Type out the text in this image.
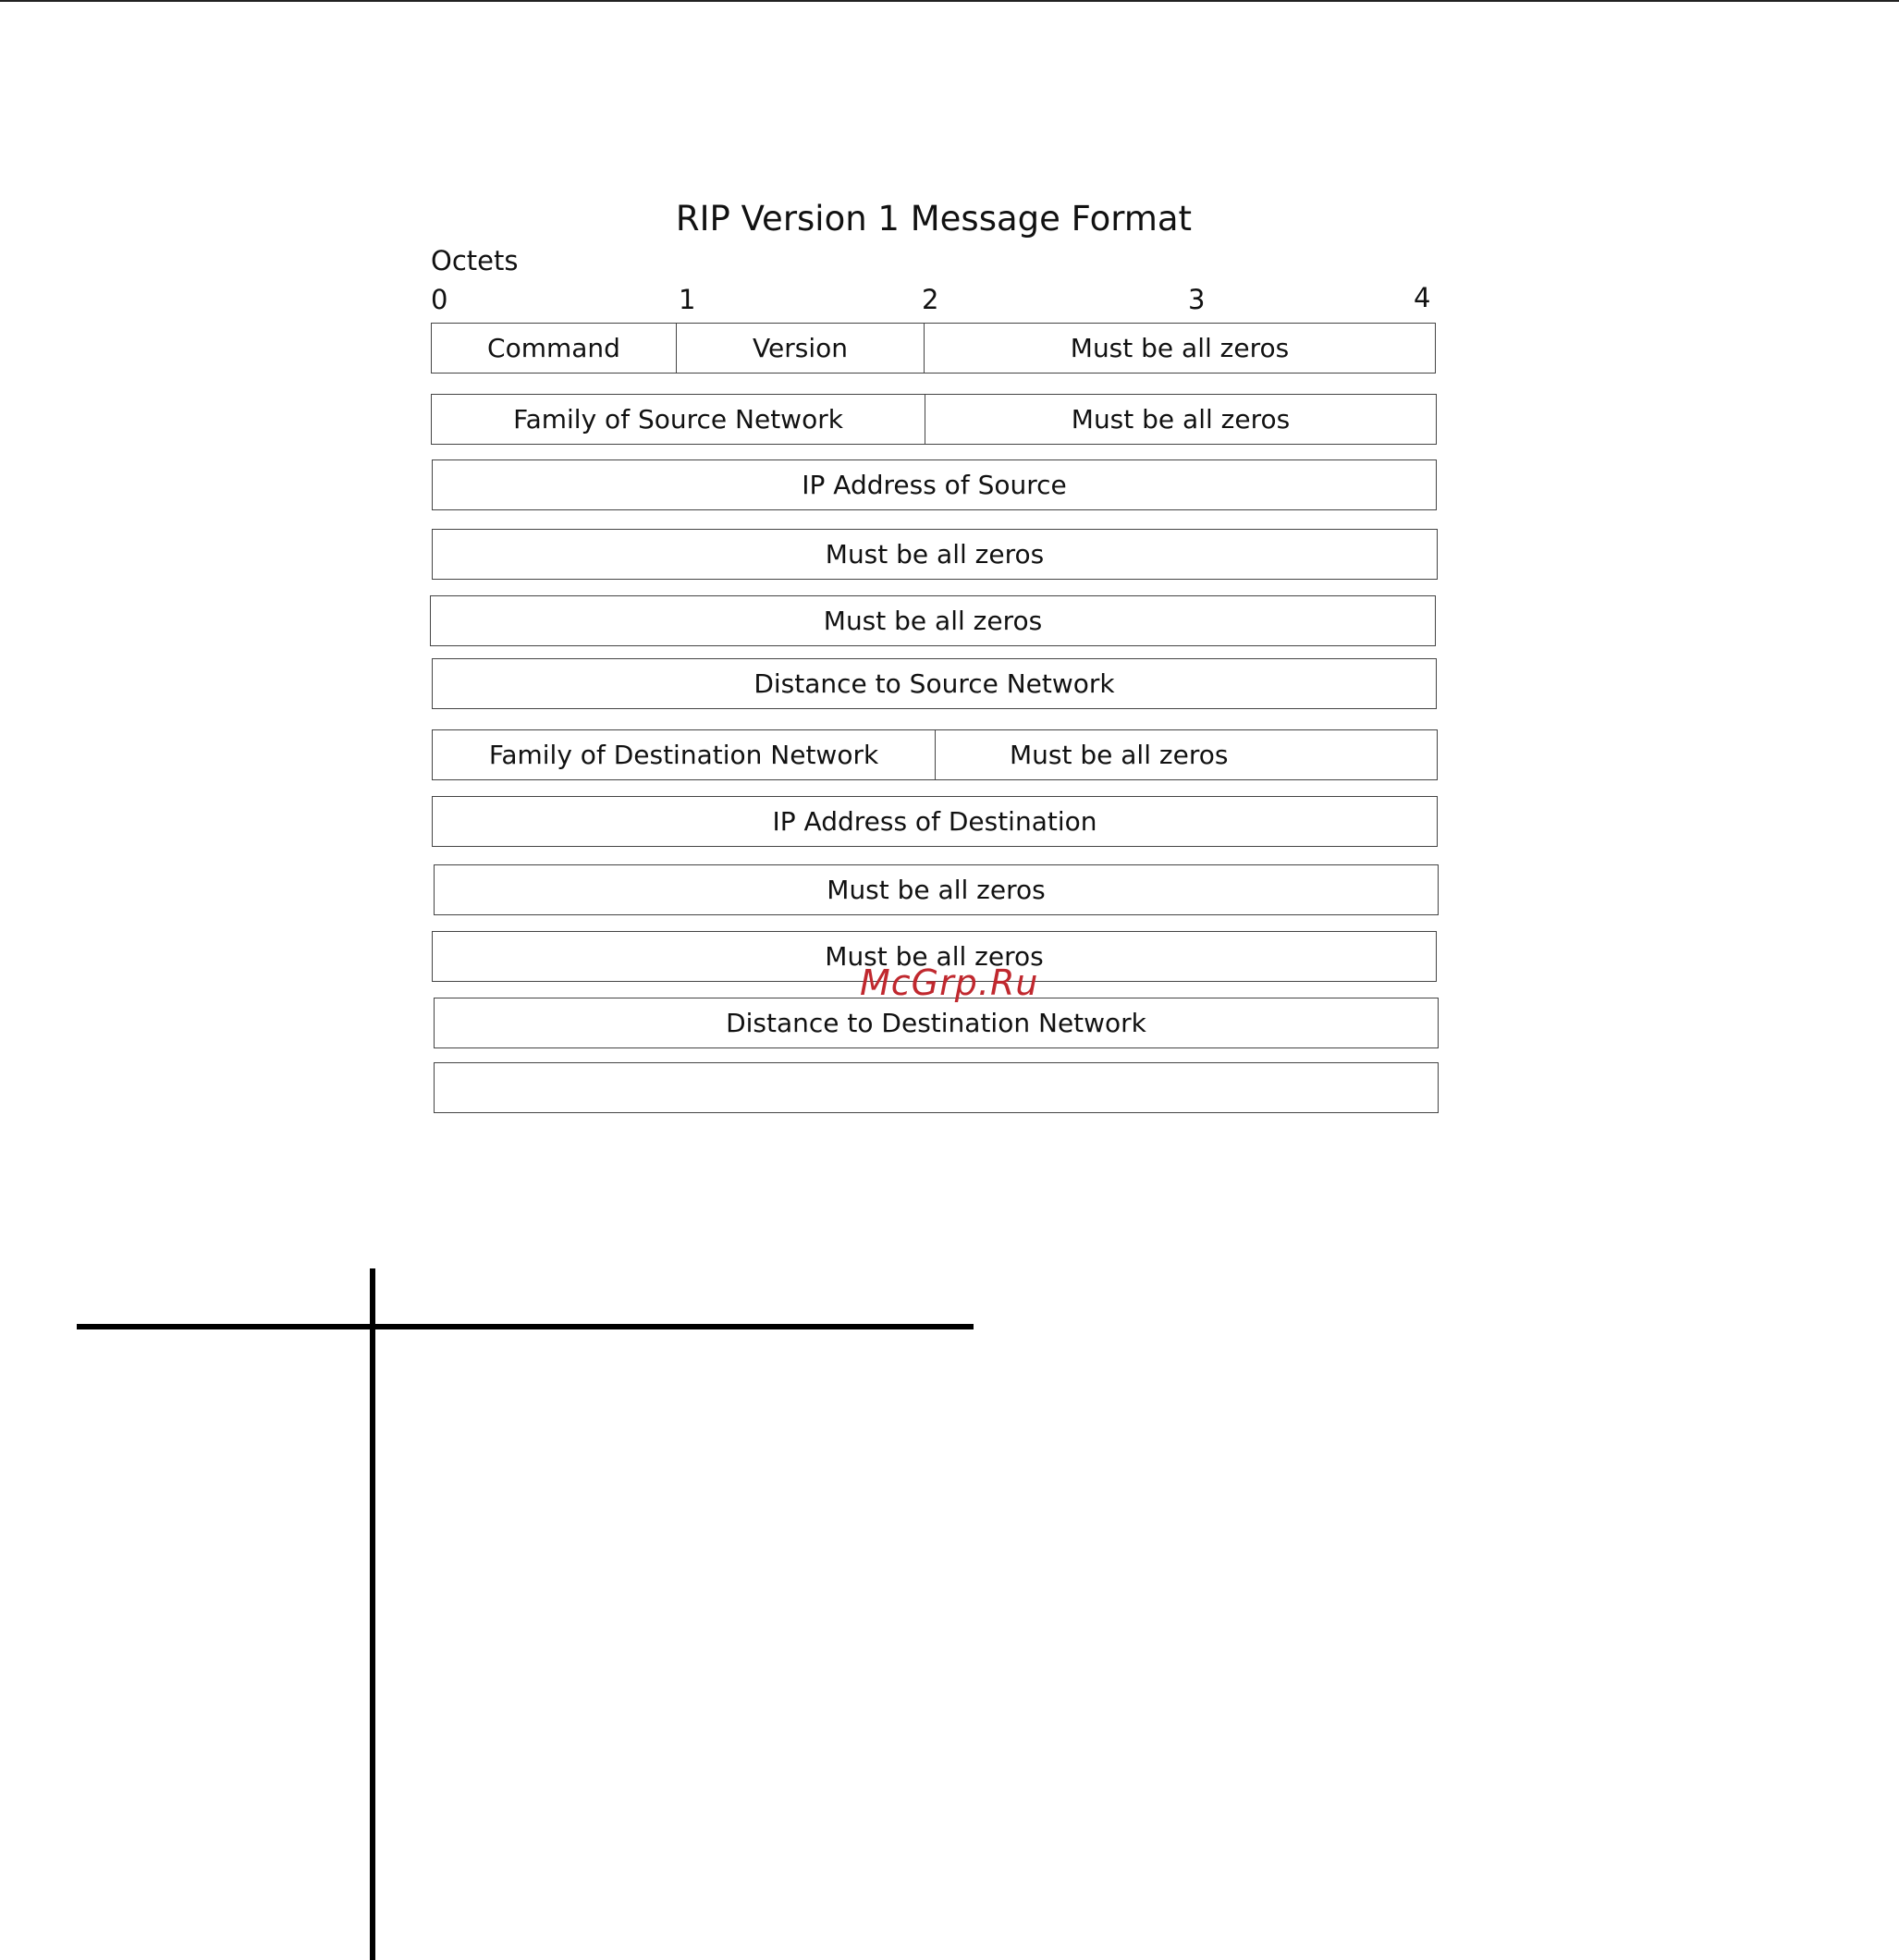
RIP Version 1 Message Format
Octets
0	1	2	3	4
Command	Version	Must be all zeros
Family of Source Network	Must be all zeros
IP Address of Source
Must be all zeros
Must be all zeros
Distance to Source Network
Family of Destination Network	Must be all zeros
IP Address of Destination
Must be all zeros
Must be all zeros
Distance to Destination Network
McGrp.Ru
